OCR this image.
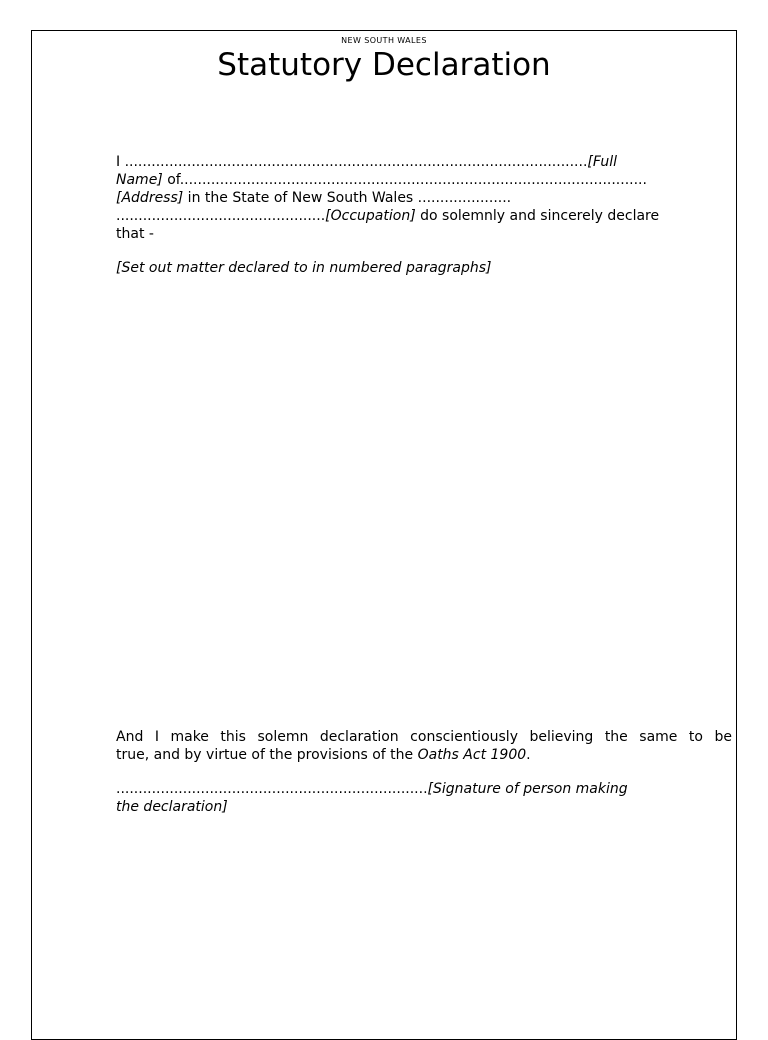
NEW SOUTH WALES
Statutory Declaration
I ........................................................................................................[Full
Name] of.........................................................................................................
[Address] in the State of New South Wales .....................
...............................................[Occupation] do solemnly and sincerely declare
that -
[Set out matter declared to in numbered paragraphs]
And I make this solemn declaration conscientiously believing the same to be
true, and by virtue of the provisions of the Oaths Act 1900.
......................................................................[Signature of person making
the declaration]
